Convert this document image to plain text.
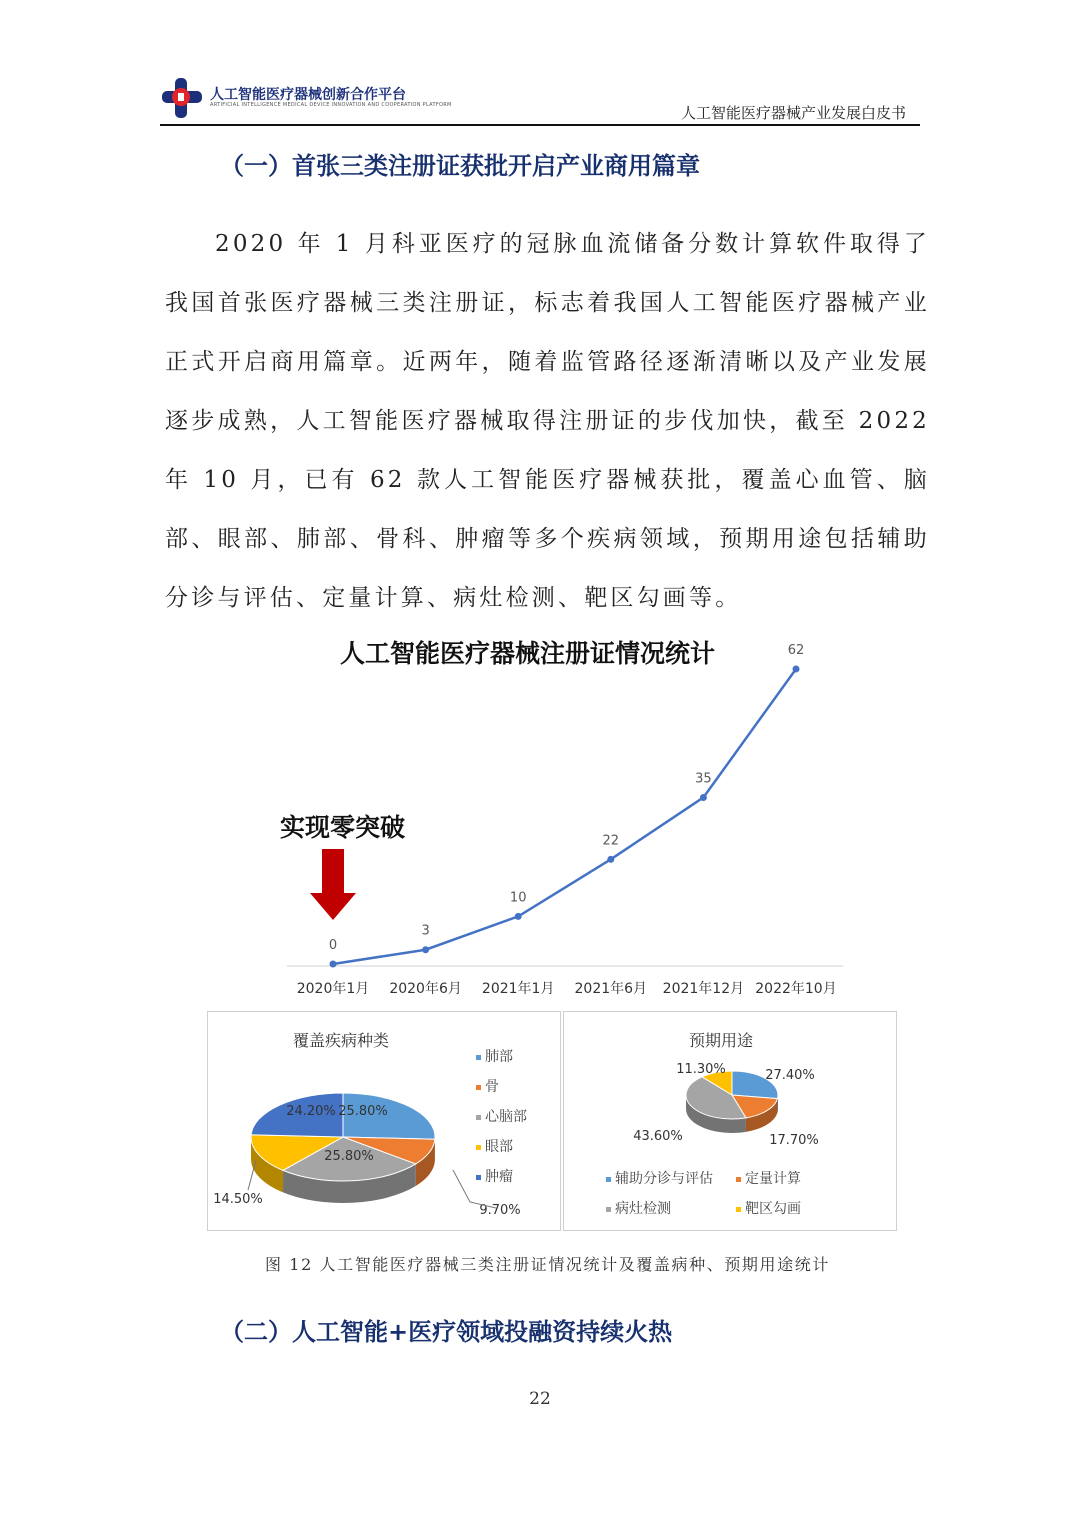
人工智能医疗器械创新合作平台
ARTIFICIAL INTELLIGENCE MEDICAL DEVICE INNOVATION AND COOPERATION PLATFORM	人工智能医疗器械产业发展白皮书
（一）首张三类注册证获批开启产业商用篇章
2020 年 1 月科亚医疗的冠脉血流储备分数计算软件取得了我国首张医疗器械三类注册证，标志着我国人工智能医疗器械产业正式开启商用篇章。近两年，随着监管路径逐渐清晰以及产业发展逐步成熟，人工智能医疗器械取得注册证的步伐加快，截至 2022 年 10 月，已有 62 款人工智能医疗器械获批，覆盖心血管、脑部、眼部、肺部、骨科、肿瘤等多个疾病领域，预期用途包括辅助分诊与评估、定量计算、病灶检测、靶区勾画等。
0
2020年1月
3
2020年6月
10
2021年1月
22
2021年6月
35
2021年12月
62
2022年10月
人工智能医疗器械注册证情况统计
实现零突破
覆盖疾病种类
25.80%
9.70%
25.80%
14.50%
24.20%
肺部
骨
心脑部
眼部
肿瘤
预期用途
27.40%
17.70%
43.60%
11.30%
辅助分诊与评估	定量计算
病灶检测	靶区勾画
图 12 人工智能医疗器械三类注册证情况统计及覆盖病种、预期用途统计
（二）人工智能+医疗领域投融资持续火热
22
